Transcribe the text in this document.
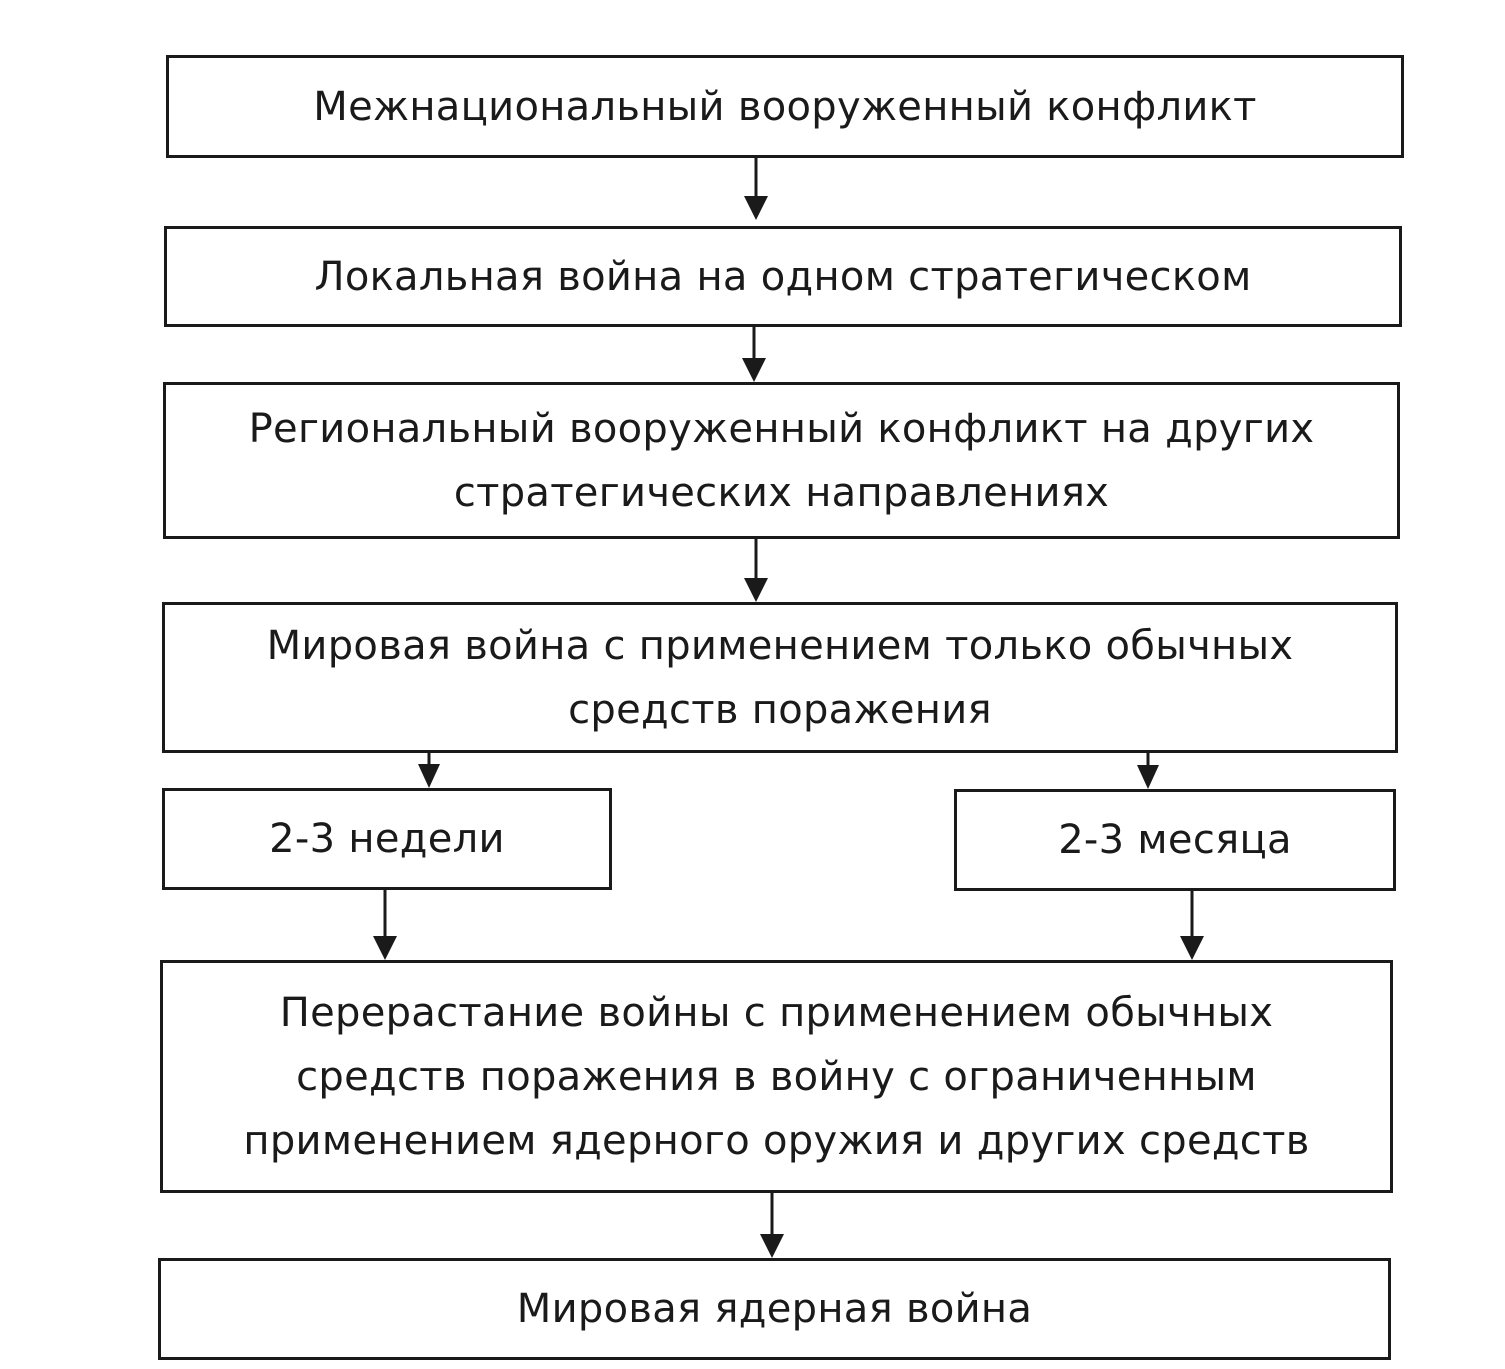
Межнациональный вооруженный конфликт
Локальная война на одном стратегическом
Региональный вооруженный конфликт на других стратегических направлениях
Мировая война с применением только обычных средств поражения
2-3 недели	2-3 месяца
Перерастание войны с применением обычных средств поражения в войну с ограниченным применением ядерного оружия и других средств
Мировая ядерная война
